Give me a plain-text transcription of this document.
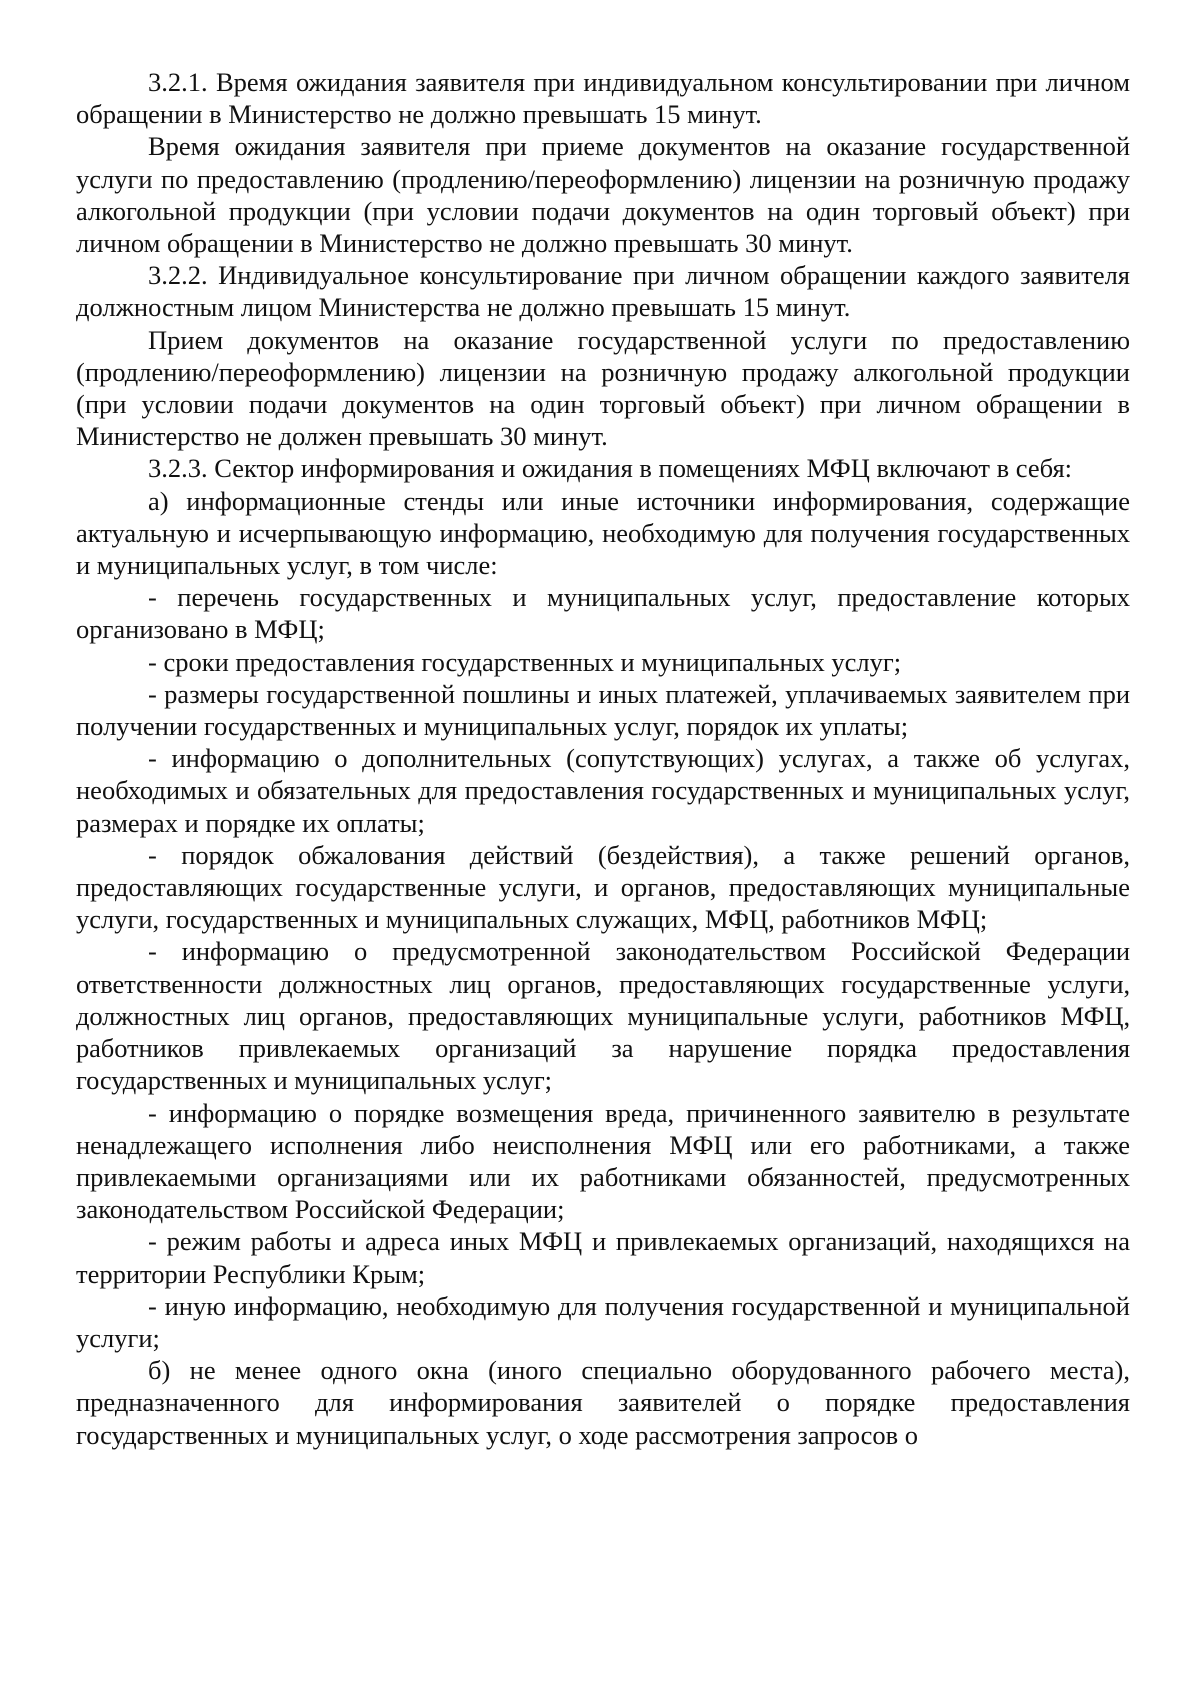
3.2.1. Время ожидания заявителя при индивидуальном консультировании при личном обращении в Министерство не должно превышать 15 минут.

Время ожидания заявителя при приеме документов на оказание государственной услуги по предоставлению (продлению/переоформлению) лицензии на розничную продажу алкогольной продукции (при условии подачи документов на один торговый объект) при личном обращении в Министерство не должно превышать 30 минут.

3.2.2. Индивидуальное консультирование при личном обращении каждого заявителя должностным лицом Министерства не должно превышать 15 минут.

Прием документов на оказание государственной услуги по предоставлению (продлению/переоформлению) лицензии на розничную продажу алкогольной продукции (при условии подачи документов на один торговый объект) при личном обращении в Министерство не должен превышать 30 минут.

3.2.3. Сектор информирования и ожидания в помещениях МФЦ включают в себя:

а) информационные стенды или иные источники информирования, содержащие актуальную и исчерпывающую информацию, необходимую для получения государственных и муниципальных услуг, в том числе:

- перечень государственных и муниципальных услуг, предоставление которых организовано в МФЦ;

- сроки предоставления государственных и муниципальных услуг;

- размеры государственной пошлины и иных платежей, уплачиваемых заявителем при получении государственных и муниципальных услуг, порядок их уплаты;

- информацию о дополнительных (сопутствующих) услугах, а также об услугах, необходимых и обязательных для предоставления государственных и муниципальных услуг, размерах и порядке их оплаты;

- порядок обжалования действий (бездействия), а также решений органов, предоставляющих государственные услуги, и органов, предоставляющих муниципальные услуги, государственных и муниципальных служащих, МФЦ, работников МФЦ;

- информацию о предусмотренной законодательством Российской Федерации ответственности должностных лиц органов, предоставляющих государственные услуги, должностных лиц органов, предоставляющих муниципальные услуги, работников МФЦ, работников привлекаемых организаций за нарушение порядка предоставления государственных и муниципальных услуг;

- информацию о порядке возмещения вреда, причиненного заявителю в результате ненадлежащего исполнения либо неисполнения МФЦ или его работниками, а также привлекаемыми организациями или их работниками обязанностей, предусмотренных законодательством Российской Федерации;

- режим работы и адреса иных МФЦ и привлекаемых организаций, находящихся на территории Республики Крым;

- иную информацию, необходимую для получения государственной и муниципальной услуги;

б) не менее одного окна (иного специально оборудованного рабочего места), предназначенного для информирования заявителей о порядке предоставления государственных и муниципальных услуг, о ходе рассмотрения запросов о
